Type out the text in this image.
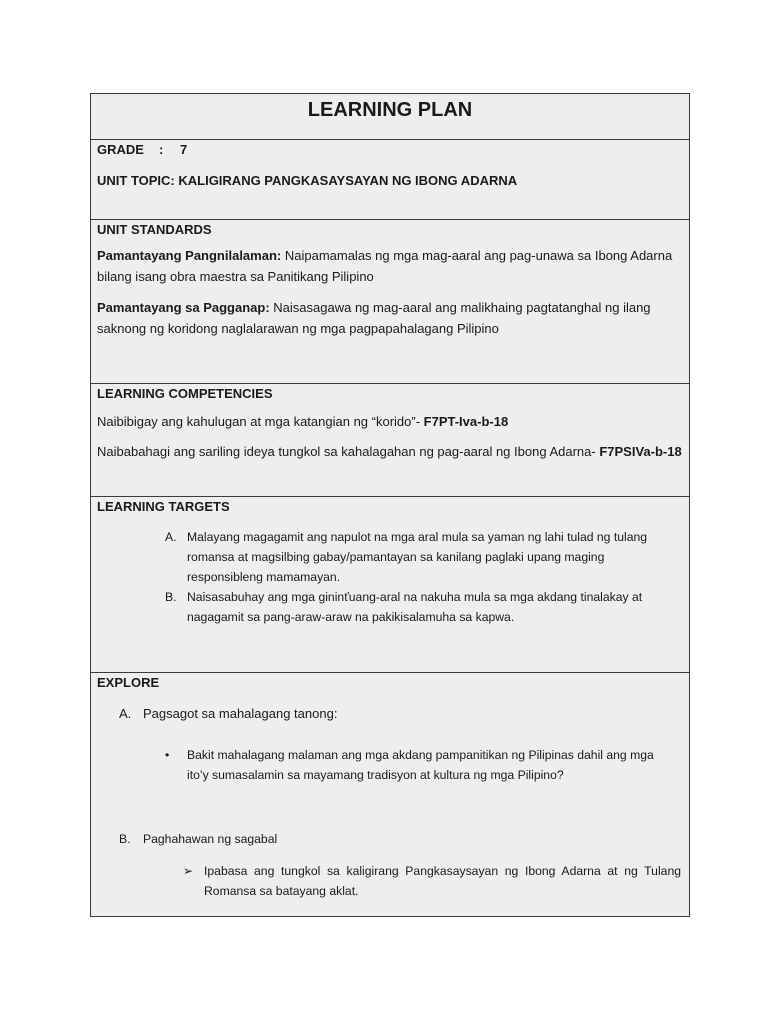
LEARNING PLAN
GRADE : 7
UNIT TOPIC: KALIGIRANG PANGKASAYSAYAN NG IBONG ADARNA

UNIT STANDARDS

Pamantayang Pangnilalaman: Naipamamalas ng mga mag-aaral ang pag-unawa sa Ibong Adarna bilang isang obra maestra sa Panitikang Pilipino

Pamantayang sa Pagganap: Naisasagawa ng mag-aaral ang malikhaing pagtatanghal ng ilang saknong ng koridong naglalarawan ng mga pagpapahalagang Pilipino

LEARNING COMPETENCIES

Naibibigay ang kahulugan at mga katangian ng “korido”- F7PT-Iva-b-18

Naibabahagi ang sariling ideya tungkol sa kahalagahan ng pag-aaral ng Ibong Adarna- F7PSIVa-b-18

LEARNING TARGETS
A. Malayang magagamit ang napulot na mga aral mula sa yaman ng lahi tulad ng tulang romansa at magsilbing gabay/pamantayan sa kanilang paglaki upang maging responsibleng mamamayan.
B. Naisasabuhay ang mga gininťuang-aral na nakuha mula sa mga akdang tinalakay at nagagamit sa pang-araw-araw na pakikisalamuha sa kapwa.
EXPLORE
A. Pagsagot sa mahalagang tanong:
• Bakit mahalagang malaman ang mga akdang pampanitikan ng Pilipinas dahil ang mga ito’y sumasalamin sa mayamang tradisyon at kultura ng mga Pilipino?
B. Paghahawan ng sagabal
➢ Ipabasa ang tungkol sa kaligirang Pangkasaysayan ng Ibong Adarna at ng Tulang Romansa sa batayang aklat.
